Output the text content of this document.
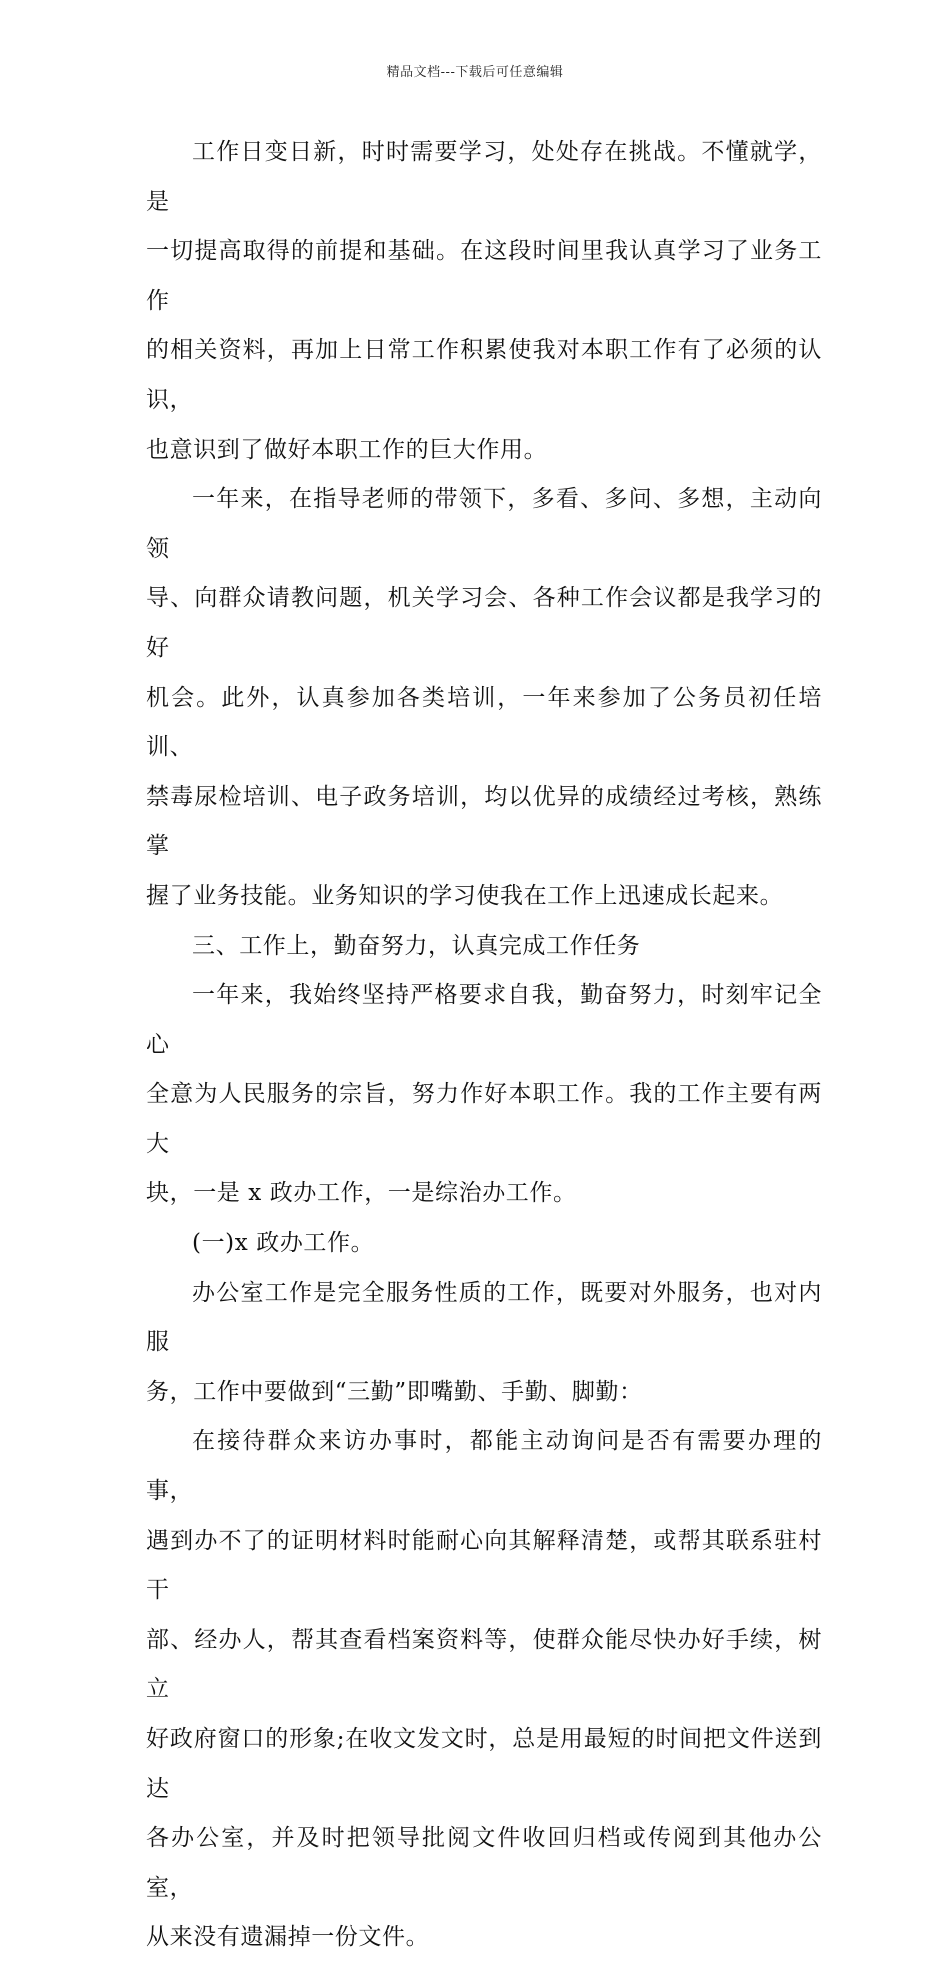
精品文档---下载后可任意编辑

工作日变日新，时时需要学习，处处存在挑战。不懂就学，是
一切提高取得的前提和基础。在这段时间里我认真学习了业务工作
的相关资料，再加上日常工作积累使我对本职工作有了必须的认识，
也意识到了做好本职工作的巨大作用。

一年来，在指导老师的带领下，多看、多问、多想，主动向领
导、向群众请教问题，机关学习会、各种工作会议都是我学习的好
机会。此外，认真参加各类培训，一年来参加了公务员初任培训、
禁毒尿检培训、电子政务培训，均以优异的成绩经过考核，熟练掌
握了业务技能。业务知识的学习使我在工作上迅速成长起来。

三、工作上，勤奋努力，认真完成工作任务

一年来，我始终坚持严格要求自我，勤奋努力，时刻牢记全心
全意为人民服务的宗旨，努力作好本职工作。我的工作主要有两大
块，一是 x 政办工作，一是综治办工作。

(一)x 政办工作。

办公室工作是完全服务性质的工作，既要对外服务，也对内服
务，工作中要做到“三勤”即嘴勤、手勤、脚勤：

在接待群众来访办事时，都能主动询问是否有需要办理的事，
遇到办不了的证明材料时能耐心向其解释清楚，或帮其联系驻村干
部、经办人，帮其查看档案资料等，使群众能尽快办好手续，树立
好政府窗口的形象;在收文发文时，总是用最短的时间把文件送到达
各办公室，并及时把领导批阅文件收回归档或传阅到其他办公室，
从来没有遗漏掉一份文件。
